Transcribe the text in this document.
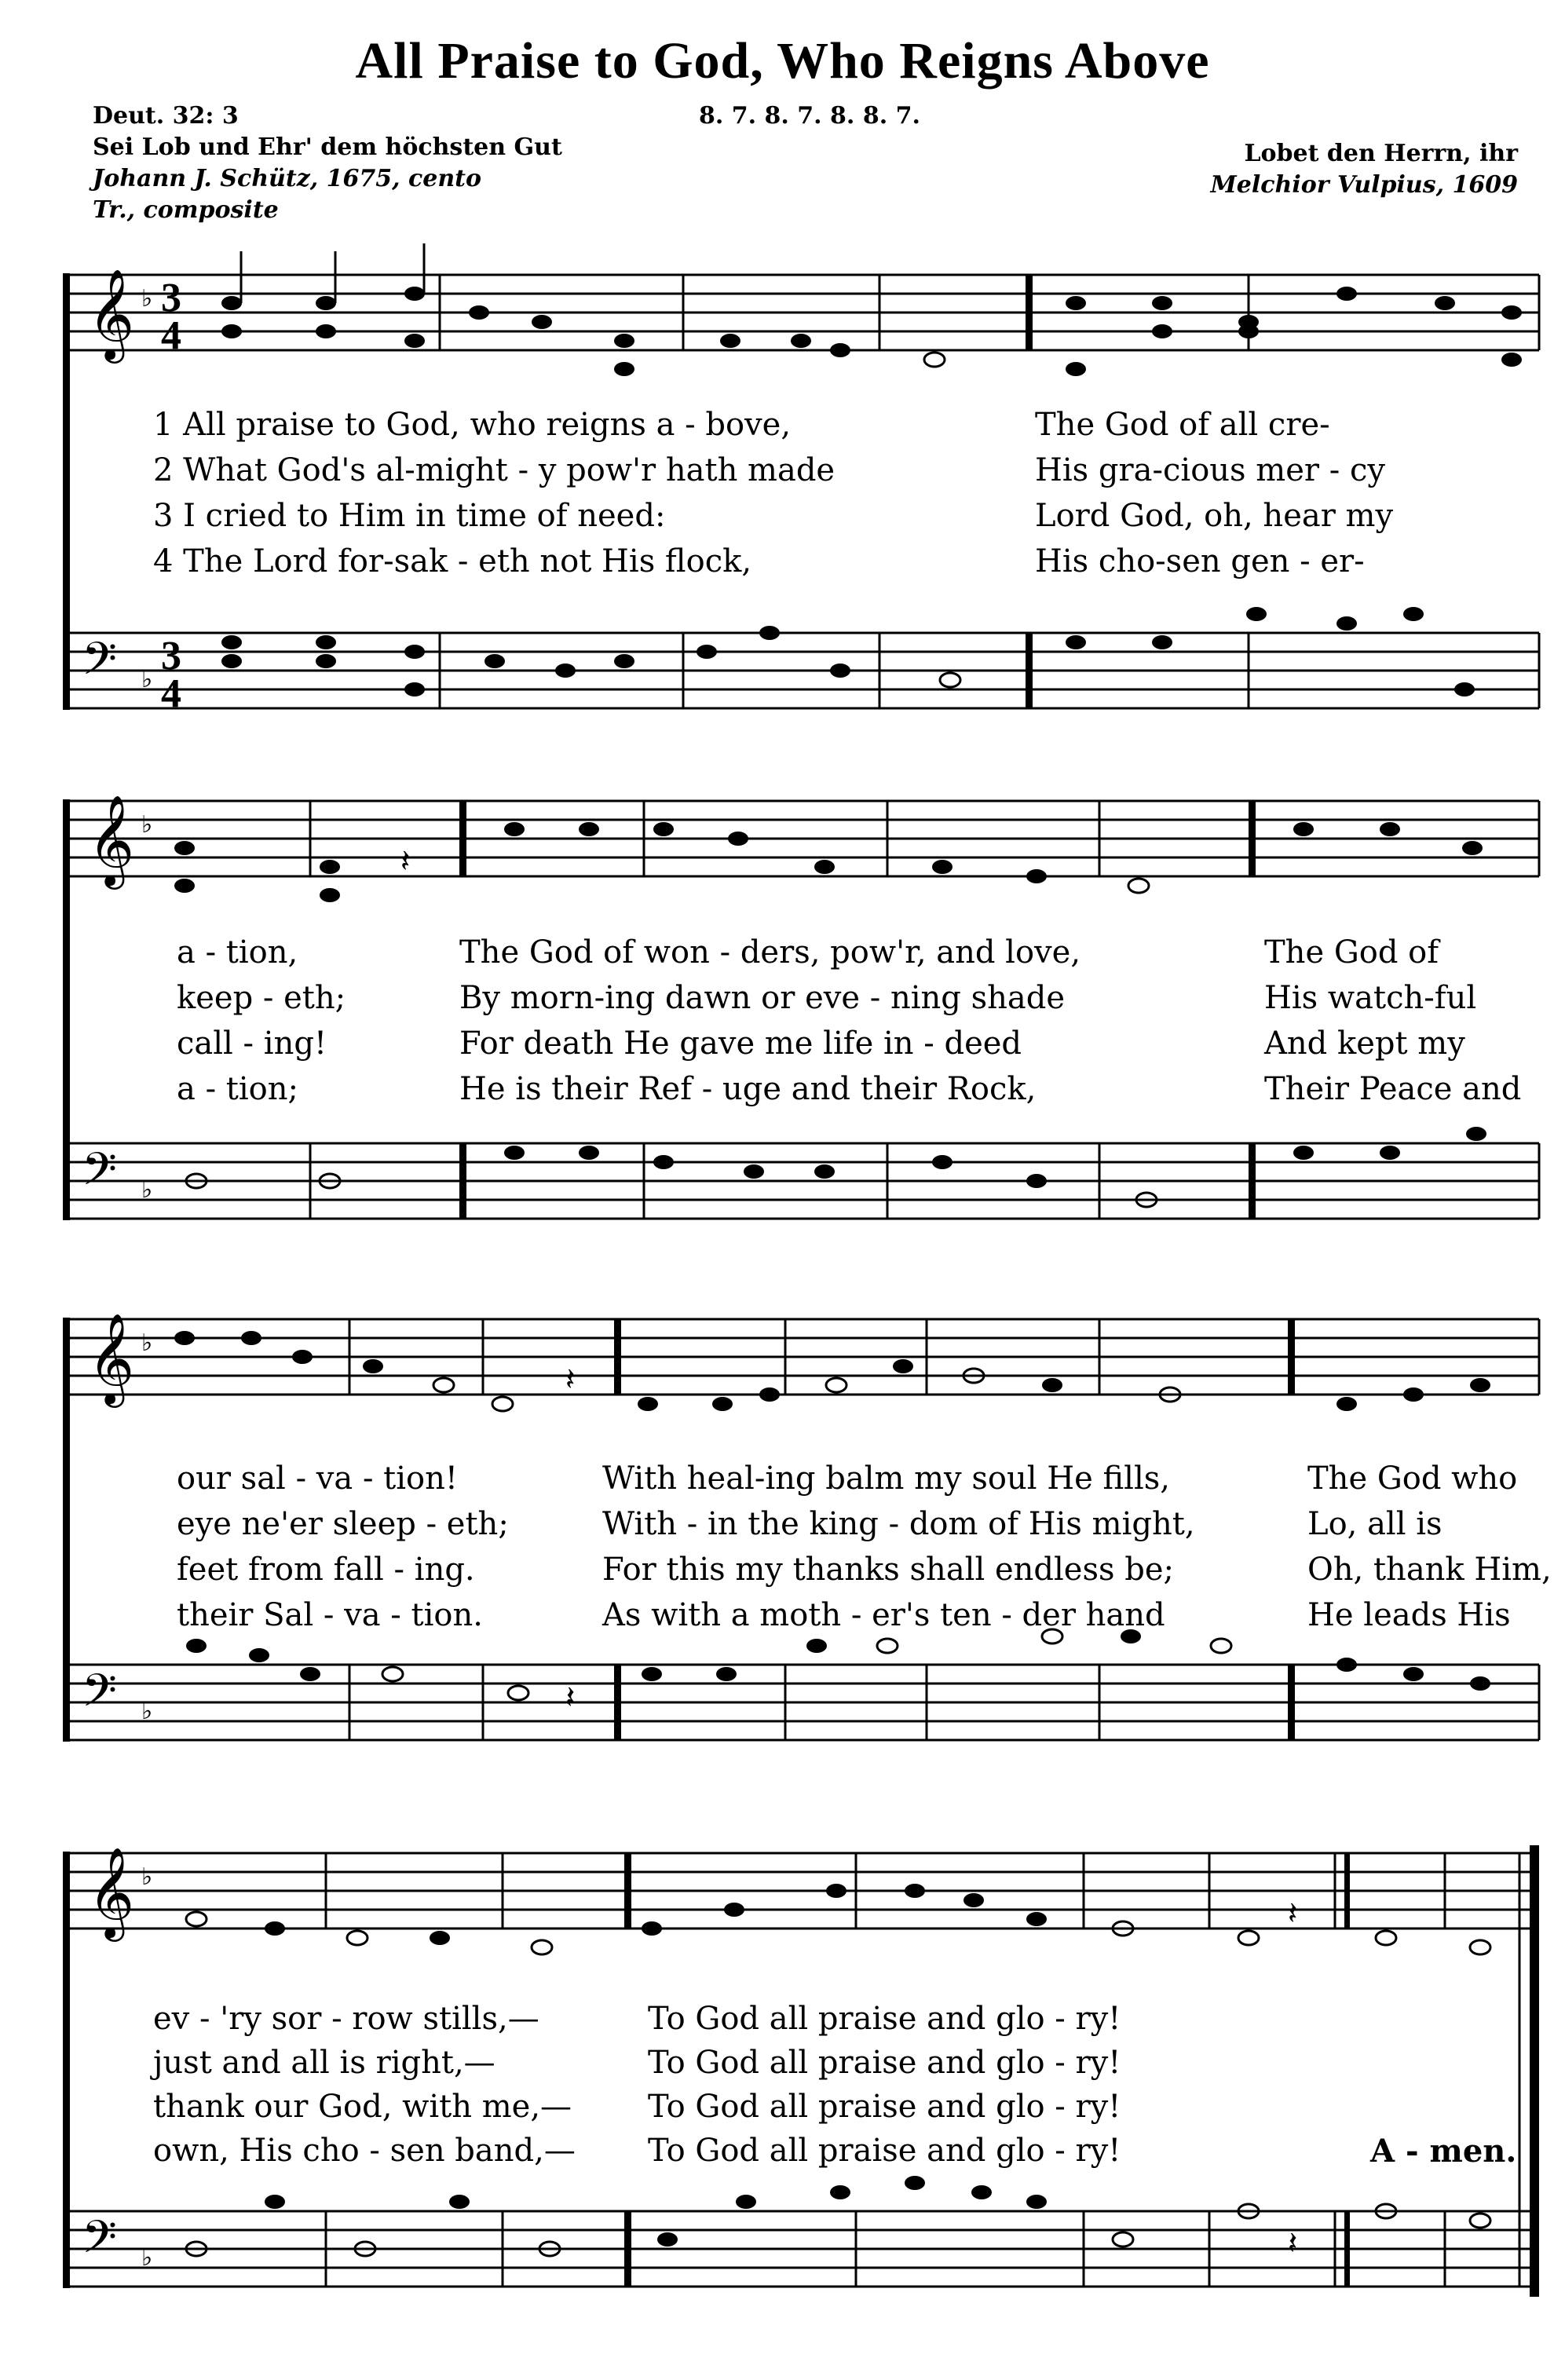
All Praise to God, Who Reigns Above
Deut. 32: 3
Sei Lob und Ehr' dem höchsten Gut
Johann J. Schütz, 1675, cento
Tr., composite
8. 7. 8. 7. 8. 8. 7.
Lobet den Herrn, ihr
Melchior Vulpius, 1609
𝄞
𝄢
♭
♭
3
4
3
4
1 All praise to God, who reigns a - bove,	The God of all cre-
2 What God's al-might - y pow'r hath made	His gra-cious mer - cy
3 I cried to Him in time of need:	Lord God, oh, hear my
4 The Lord for-sak - eth not His flock,	His cho-sen gen - er-
𝄞
𝄢
♭
♭
𝄽
a - tion,	The God of won - ders, pow'r, and love,	The God of
keep - eth;	By morn-ing dawn or eve - ning shade	His watch-ful
call - ing!	For death He gave me life in - deed	And kept my
a - tion;	He is their Ref - uge and their Rock,	Their Peace and
𝄞
𝄢
♭
♭
𝄽
𝄽
our sal - va - tion!	With heal-ing balm my soul He fills,	The God who
eye ne'er sleep - eth;	With - in the king - dom of His might,	Lo, all is
feet from fall - ing.	For this my thanks shall endless be;	Oh, thank Him,
their Sal - va - tion.	As with a moth - er's ten - der hand	He leads His
𝄞
𝄢
♭
♭
𝄽
𝄽
ev - 'ry sor - row stills,—	To God all praise and glo - ry!
just and all is right,—	To God all praise and glo - ry!
thank our God, with me,— To God all praise and glo - ry!
own, His cho - sen band,— To God all praise and glo - ry!	A - men.
